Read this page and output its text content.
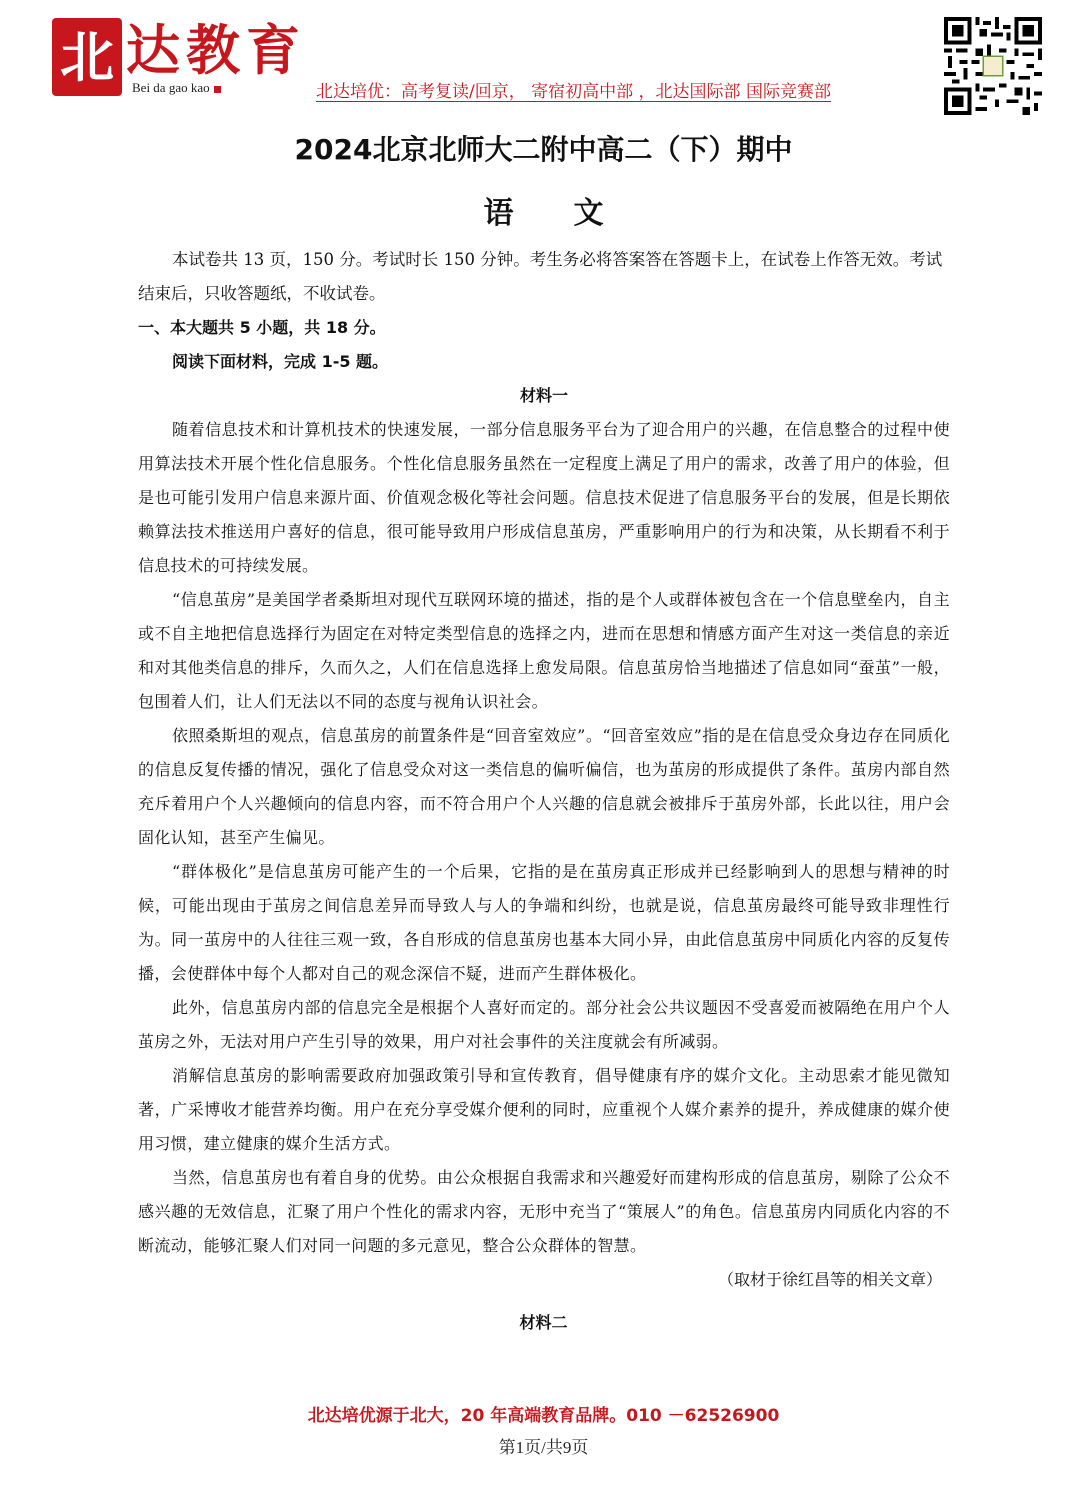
北 达教育
Bei da gao kao	北达培优：高考复读/回京， 寄宿初高中部 ，北达国际部 国际竞赛部
2024北京北师大二附中高二（下）期中
语文

本试卷共 13 页，150 分。考试时长 150 分钟。考生务必将答案答在答题卡上，在试卷上作答无效。考试结束后，只收答题纸，不收试卷。

一、本大题共 5 小题，共 18 分。

阅读下面材料，完成 1-5 题。

材料一

随着信息技术和计算机技术的快速发展，一部分信息服务平台为了迎合用户的兴趣，在信息整合的过程中使用算法技术开展个性化信息服务。个性化信息服务虽然在一定程度上满足了用户的需求，改善了用户的体验，但是也可能引发用户信息来源片面、价值观念极化等社会问题。信息技术促进了信息服务平台的发展，但是长期依赖算法技术推送用户喜好的信息，很可能导致用户形成信息茧房，严重影响用户的行为和决策，从长期看不利于信息技术的可持续发展。

“信息茧房”是美国学者桑斯坦对现代互联网环境的描述，指的是个人或群体被包含在一个信息壁垒内，自主或不自主地把信息选择行为固定在对特定类型信息的选择之内，进而在思想和情感方面产生对这一类信息的亲近和对其他类信息的排斥，久而久之，人们在信息选择上愈发局限。信息茧房恰当地描述了信息如同“蚕茧”一般，包围着人们，让人们无法以不同的态度与视角认识社会。

依照桑斯坦的观点，信息茧房的前置条件是“回音室效应”。“回音室效应”指的是在信息受众身边存在同质化的信息反复传播的情况，强化了信息受众对这一类信息的偏听偏信，也为茧房的形成提供了条件。茧房内部自然充斥着用户个人兴趣倾向的信息内容，而不符合用户个人兴趣的信息就会被排斥于茧房外部，长此以往，用户会固化认知，甚至产生偏见。

“群体极化”是信息茧房可能产生的一个后果，它指的是在茧房真正形成并已经影响到人的思想与精神的时候，可能出现由于茧房之间信息差异而导致人与人的争端和纠纷，也就是说，信息茧房最终可能导致非理性行为。同一茧房中的人往往三观一致，各自形成的信息茧房也基本大同小异，由此信息茧房中同质化内容的反复传播，会使群体中每个人都对自己的观念深信不疑，进而产生群体极化。

此外，信息茧房内部的信息完全是根据个人喜好而定的。部分社会公共议题因不受喜爱而被隔绝在用户个人茧房之外，无法对用户产生引导的效果，用户对社会事件的关注度就会有所减弱。

消解信息茧房的影响需要政府加强政策引导和宣传教育，倡导健康有序的媒介文化。主动思索才能见微知著，广采博收才能营养均衡。用户在充分享受媒介便利的同时，应重视个人媒介素养的提升，养成健康的媒介使用习惯，建立健康的媒介生活方式。

当然，信息茧房也有着自身的优势。由公众根据自我需求和兴趣爱好而建构形成的信息茧房，剔除了公众不感兴趣的无效信息，汇聚了用户个性化的需求内容，无形中充当了“策展人”的角色。信息茧房内同质化内容的不断流动，能够汇聚人们对同一问题的多元意见，整合公众群体的智慧。

（取材于徐红昌等的相关文章）

材料二
北达培优源于北大，20 年高端教育品牌。010 －62526900
第1页/共9页
